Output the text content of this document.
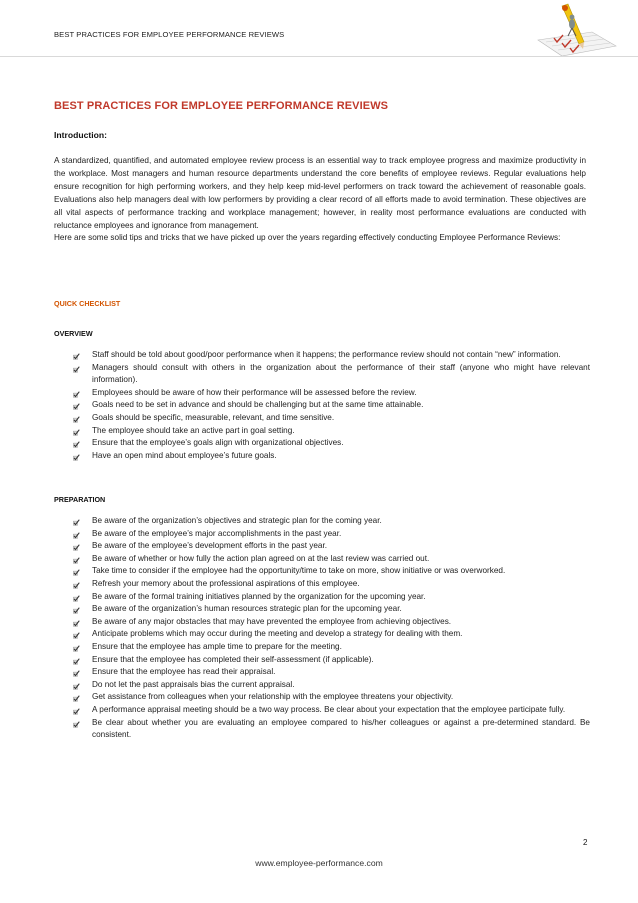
BEST PRACTICES FOR EMPLOYEE PERFORMANCE REVIEWS
BEST PRACTICES FOR EMPLOYEE PERFORMANCE REVIEWS
Introduction:
A standardized, quantified, and automated employee review process is an essential way to track employee progress and maximize productivity in the workplace. Most managers and human resource departments understand the core benefits of employee reviews. Regular evaluations help ensure recognition for high performing workers, and they help keep mid-level performers on track toward the achievement of reasonable goals. Evaluations also help managers deal with low performers by providing a clear record of all efforts made to avoid termination. These objectives are all vital aspects of performance tracking and workplace management; however, in reality most performance evaluations are conducted with reluctance employees and ignorance from management.
Here are some solid tips and tricks that we have picked up over the years regarding effectively conducting Employee Performance Reviews:
QUICK CHECKLIST
OVERVIEW
Staff should be told about good/poor performance when it happens; the performance review should not contain “new” information.
Managers should consult with others in the organization about the performance of their staff (anyone who might have relevant information).
Employees should be aware of how their performance will be assessed before the review.
Goals need to be set in advance and should be challenging but at the same time attainable.
Goals should be specific, measurable, relevant, and time sensitive.
The employee should take an active part in goal setting.
Ensure that the employee’s goals align with organizational objectives.
Have an open mind about employee’s future goals.
PREPARATION
Be aware of the organization’s objectives and strategic plan for the coming year.
Be aware of the employee’s major accomplishments in the past year.
Be aware of the employee’s development efforts in the past year.
Be aware of whether or how fully the action plan agreed on at the last review was carried out.
Take time to consider if the employee had the opportunity/time to take on more, show initiative or was overworked.
Refresh your memory about the professional aspirations of this employee.
Be aware of the formal training initiatives planned by the organization for the upcoming year.
Be aware of the organization’s human resources strategic plan for the upcoming year.
Be aware of any major obstacles that may have prevented the employee from achieving objectives.
Anticipate problems which may occur during the meeting and develop a strategy for dealing with them.
Ensure that the employee has ample time to prepare for the meeting.
Ensure that the employee has completed their self-assessment (if applicable).
Ensure that the employee has read their appraisal.
Do not let the past appraisals bias the current appraisal.
Get assistance from colleagues when your relationship with the employee threatens your objectivity.
A performance appraisal meeting should be a two way process. Be clear about your expectation that the employee participate fully.
Be clear about whether you are evaluating an employee compared to his/her colleagues or against a pre-determined standard. Be consistent.
2
www.employee-performance.com
